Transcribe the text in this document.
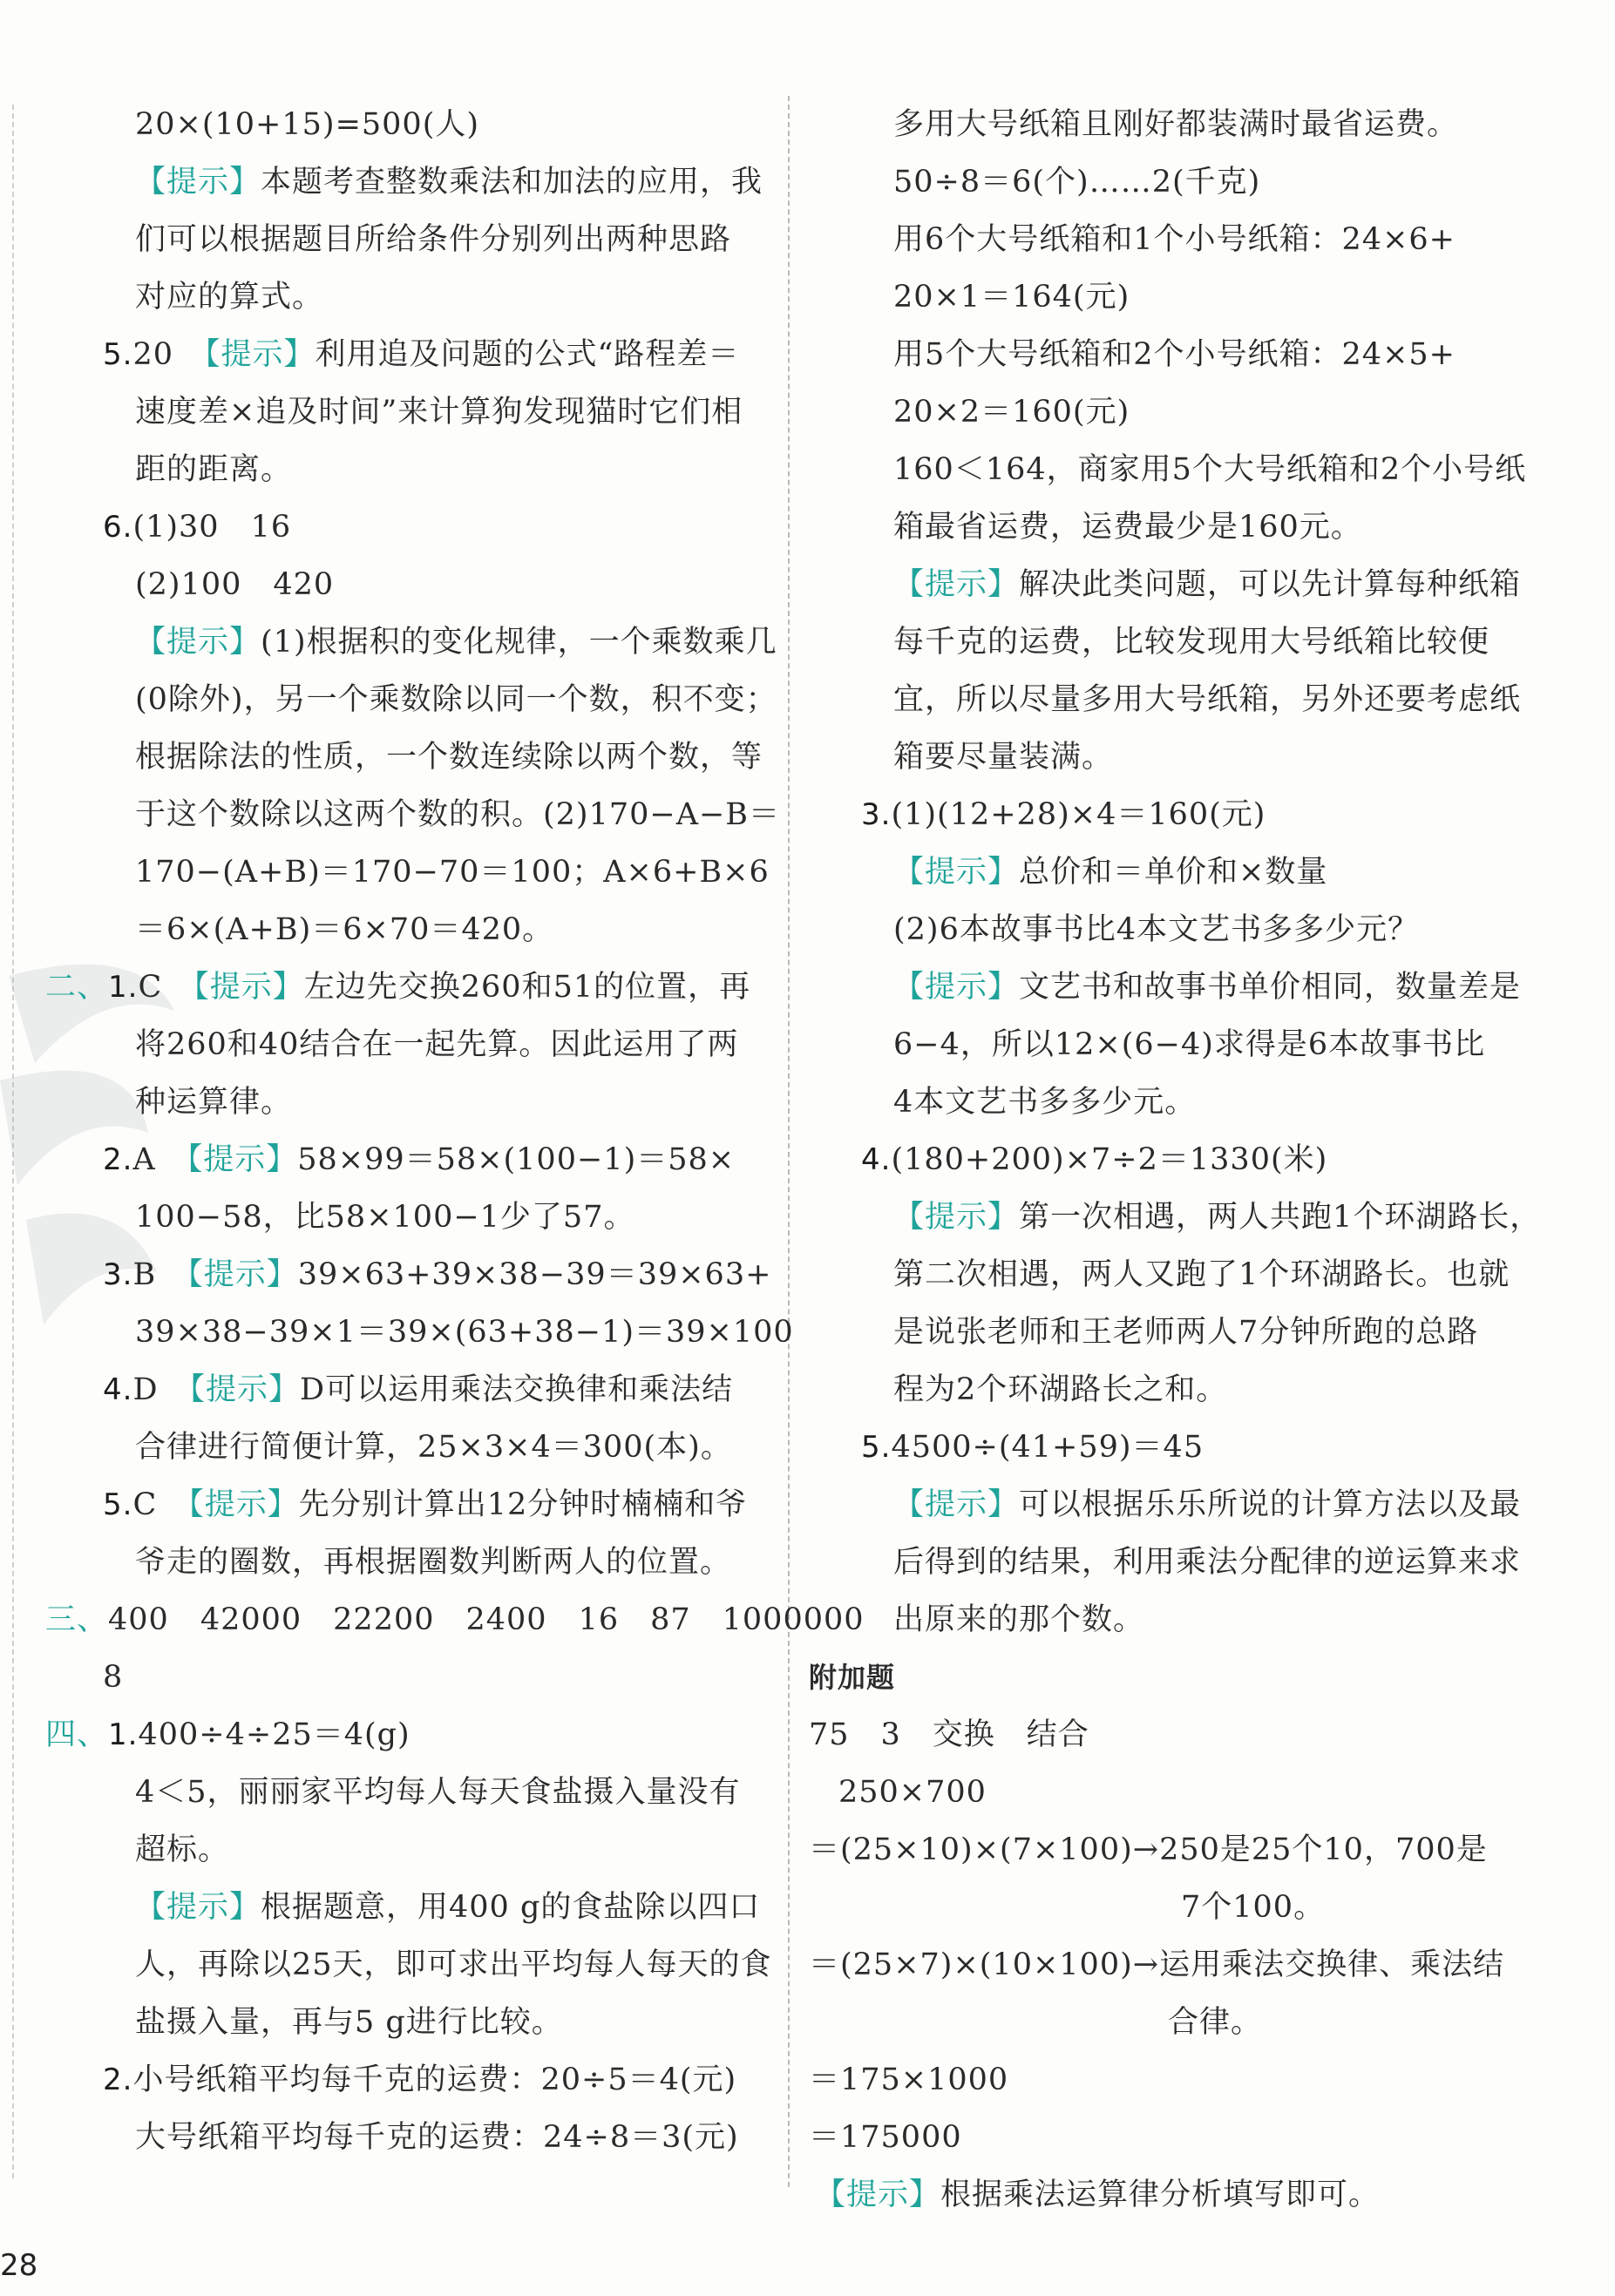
20×(10+15)=500(人)
【提示】本题考查整数乘法和加法的应用，我
们可以根据题目所给条件分别列出两种思路
对应的算式。
5.20　【提示】利用追及问题的公式“路程差＝
速度差×追及时间”来计算狗发现猫时它们相
距的距离。
6.(1)30　16
(2)100　420
【提示】(1)根据积的变化规律，一个乘数乘几
(0除外)，另一个乘数除以同一个数，积不变；
根据除法的性质，一个数连续除以两个数，等
于这个数除以这两个数的积。(2)170−A−B＝
170−(A+B)＝170−70＝100；A×6+B×6
＝6×(A+B)＝6×70＝420。
二、1.C　【提示】左边先交换260和51的位置，再
将260和40结合在一起先算。因此运用了两
种运算律。
2.A　【提示】58×99＝58×(100−1)＝58×
100−58，比58×100−1少了57。
3.B　【提示】39×63+39×38−39＝39×63+
39×38−39×1＝39×(63+38−1)＝39×100
4.D　【提示】D可以运用乘法交换律和乘法结
合律进行简便计算，25×3×4＝300(本)。
5.C　【提示】先分别计算出12分钟时楠楠和爷
爷走的圈数，再根据圈数判断两人的位置。
三、400　42000　22200　2400　16　87　1000000
8
四、1.400÷4÷25＝4(g)
4＜5，丽丽家平均每人每天食盐摄入量没有
超标。
【提示】根据题意，用400 g的食盐除以四口
人，再除以25天，即可求出平均每人每天的食
盐摄入量，再与5 g进行比较。
2.小号纸箱平均每千克的运费：20÷5＝4(元)
大号纸箱平均每千克的运费：24÷8＝3(元)
多用大号纸箱且刚好都装满时最省运费。
50÷8＝6(个)……2(千克)
用6个大号纸箱和1个小号纸箱：24×6+
20×1＝164(元)
用5个大号纸箱和2个小号纸箱：24×5+
20×2＝160(元)
160＜164，商家用5个大号纸箱和2个小号纸
箱最省运费，运费最少是160元。
【提示】解决此类问题，可以先计算每种纸箱
每千克的运费，比较发现用大号纸箱比较便
宜，所以尽量多用大号纸箱，另外还要考虑纸
箱要尽量装满。
3.(1)(12+28)×4＝160(元)
【提示】总价和＝单价和×数量
(2)6本故事书比4本文艺书多多少元？
【提示】文艺书和故事书单价相同，数量差是
6−4，所以12×(6−4)求得是6本故事书比
4本文艺书多多少元。
4.(180+200)×7÷2＝1330(米)
【提示】第一次相遇，两人共跑1个环湖路长，
第二次相遇，两人又跑了1个环湖路长。也就
是说张老师和王老师两人7分钟所跑的总路
程为2个环湖路长之和。
5.4500÷(41+59)＝45
【提示】可以根据乐乐所说的计算方法以及最
后得到的结果，利用乘法分配律的逆运算来求
出原来的那个数。
附加题
75　3　交换　结合
250×700
＝(25×10)×(7×100)→250是25个10，700是
7个100。
＝(25×7)×(10×100)→运用乘法交换律、乘法结
合律。
＝175×1000
＝175000
【提示】根据乘法运算律分析填写即可。
28
